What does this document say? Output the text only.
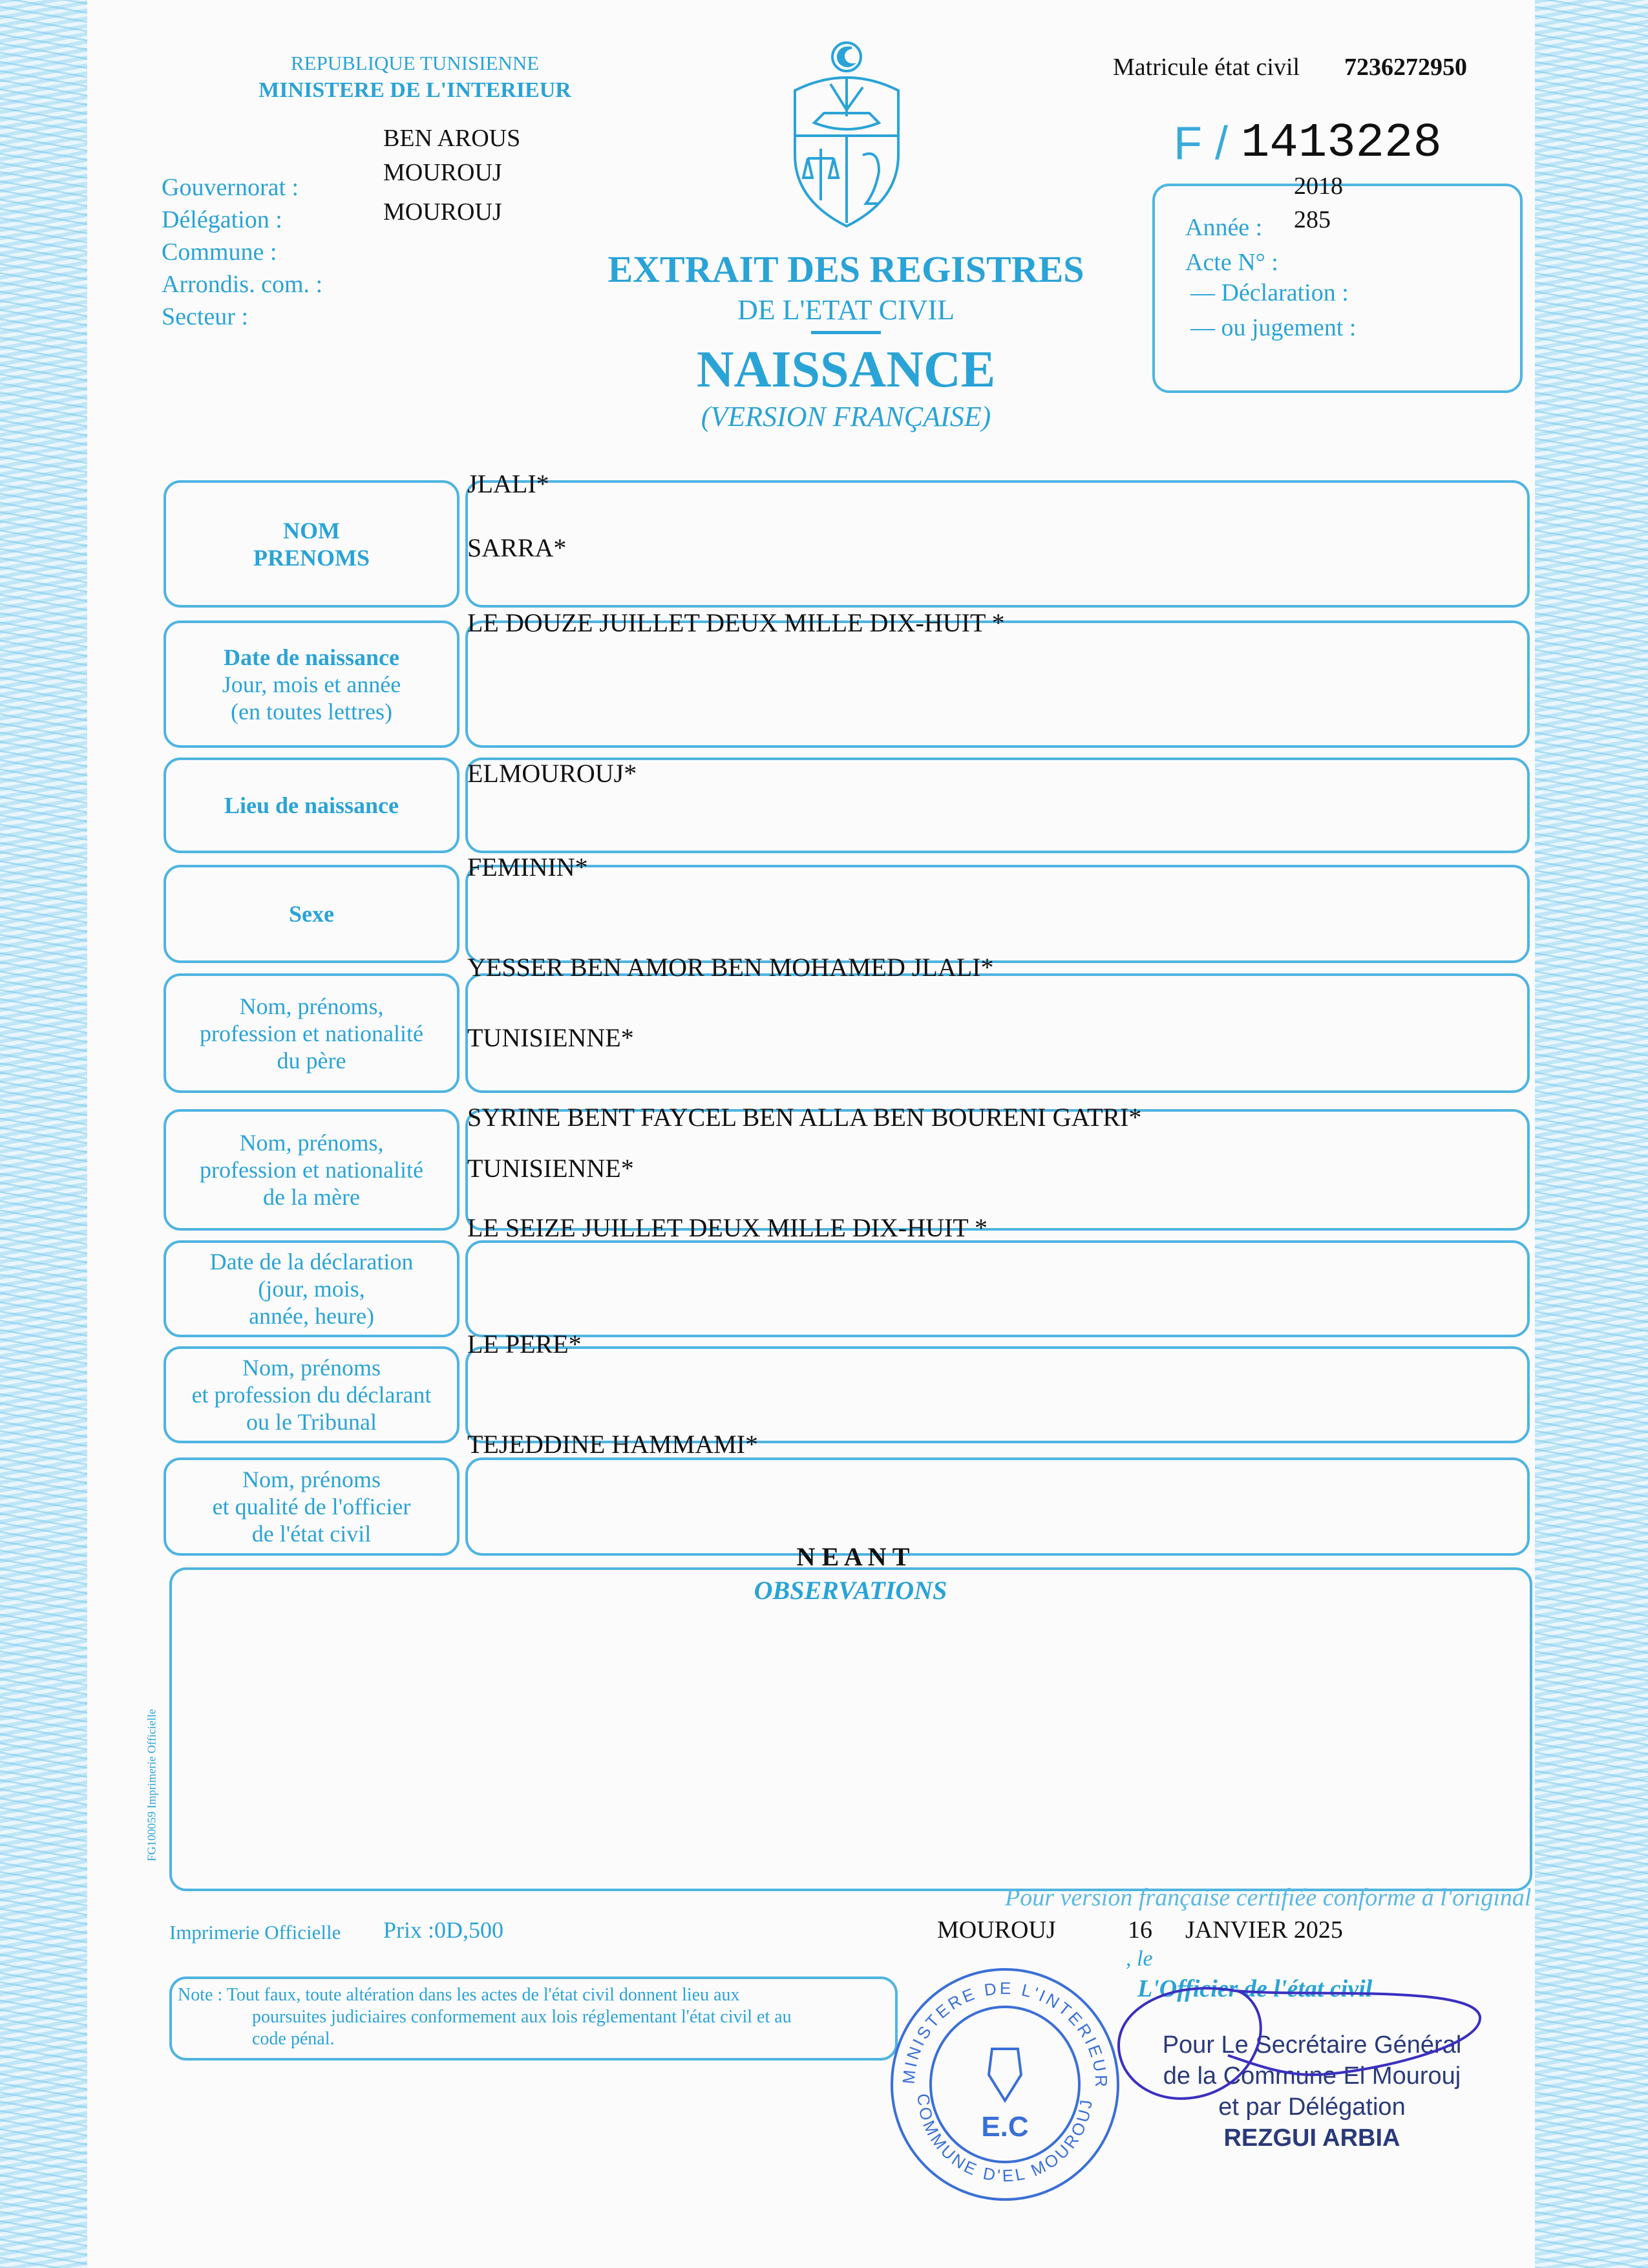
REPUBLIQUE TUNISIENNE
MINISTERE DE L'INTERIEUR
Gouvernorat :
Délégation :
Commune :
Arrondis. com. :
Secteur :
BEN AROUS
MOUROUJ
MOUROUJ
Matricule état civil 7236272950
F / 1413228
2018
285
Année :
Acte N° :
— Déclaration :
— ou jugement :
EXTRAIT DES REGISTRES
DE L'ETAT CIVIL
NAISSANCE
(VERSION FRANÇAISE)
NOM
PRENOMS
JLALI*
SARRA*
Date de naissance
Jour, mois et année
(en toutes lettres)
LE DOUZE JUILLET DEUX MILLE DIX-HUIT *
Lieu de naissance
ELMOUROUJ*
Sexe
FEMININ*
Nom, prénoms,
profession et nationalité
du père
YESSER BEN AMOR BEN MOHAMED JLALI*
TUNISIENNE*
Nom, prénoms,
profession et nationalité
de la mère
SYRINE BENT FAYCEL BEN ALLA BEN BOURENI GATRI*
TUNISIENNE*
Date de la déclaration
(jour, mois,
année, heure)
LE SEIZE JUILLET DEUX MILLE DIX-HUIT *
Nom, prénoms
et profession du déclarant
ou le Tribunal
LE PERE*
Nom, prénoms
et qualité de l'officier
de l'état civil
TEJEDDINE HAMMAMI*
N E A N T
OBSERVATIONS
FG100059 Imprimerie Officielle
Pour version française certifiée conforme à l'original
Imprimerie Officielle Prix :0D,500	MOUROUJ	16
, le
JANVIER 2025
Note : Tout faux, toute altération dans les actes de l'état civil donnent lieu aux
poursuites judiciaires conformement aux lois réglementant l'état civil et au
code pénal.
MINISTERE DE L'INTERIEUR
COMMUNE D'EL MOUROUJ
E.C
L'Officier de l'état civil
Pour Le Secrétaire Général
de la Commune El Mourouj
et par Délégation
REZGUI ARBIA
